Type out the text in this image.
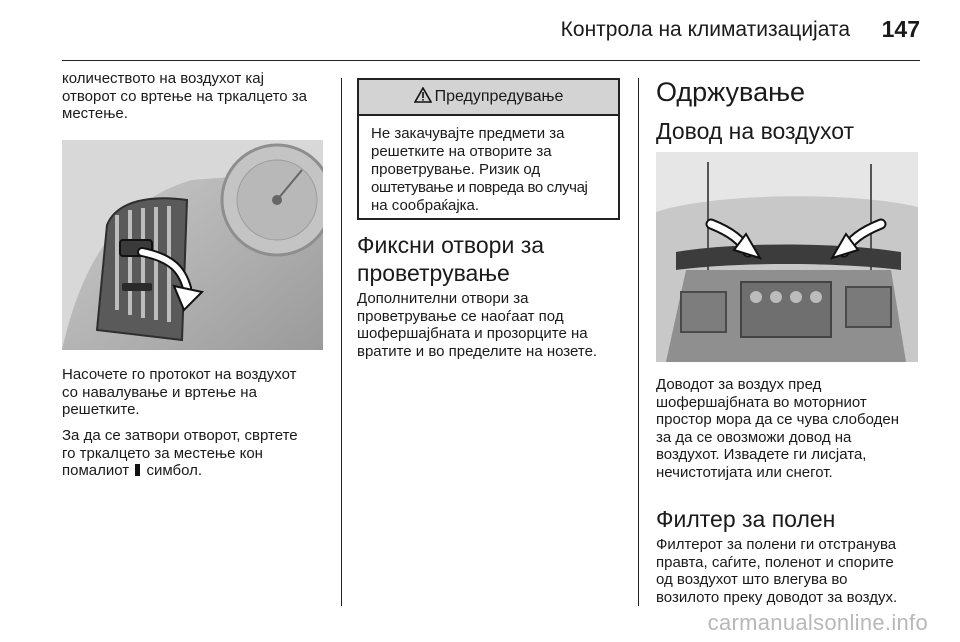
Контрола на климатизацијата 147

количеството на воздухот кај

отворот со вртење на тркалцето за

местење.

Насочете го протокот на воздухот

со навалување и вртење на

решетките.

За да се затвори отворот, свртете

го тркалцето за местење кон

помалиот симбол.

Предупредување
Не закачувајте предмети за
решетките на отворите за
проветрување. Ризик од
оштетување и повреда во случај
на сообраќајка.
Фиксни отвори за
проветрување

Дополнителни отвори за

проветрување се наоѓаат под

шофершајбната и прозорците на

вратите и во пределите на нозете.

Одржување
Довод на воздухот

Доводот за воздух пред

шофершајбната во моторниот

простор мора да се чува слободен

за да се овозможи довод на

воздухот. Извадете ги лисјата,

нечистотијата или снегот.

Филтер за полен

Филтерот за полени ги отстранува

правта, саѓите, поленот и спорите

од воздухот што влегува во

возилото преку доводот за воздух.

carmanualsonline.info
